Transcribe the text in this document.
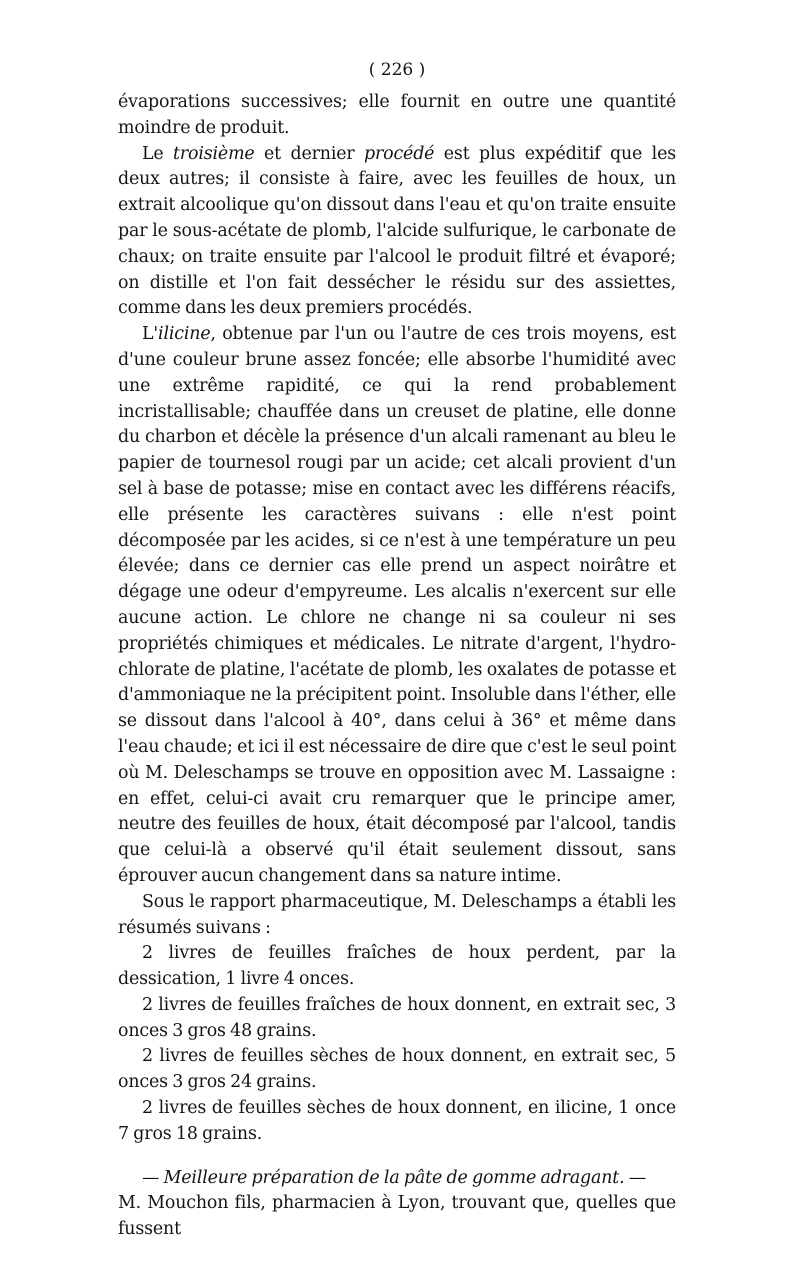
( 226 )

évaporations successives; elle fournit en outre une quantité moindre de produit.

Le troisième et dernier procédé est plus expéditif que les deux autres; il consiste à faire, avec les feuilles de houx, un extrait alcoolique qu'on dissout dans l'eau et qu'on traite ensuite par le sous-acétate de plomb, l'alcide sulfurique, le carbonate de chaux; on traite ensuite par l'alcool le produit filtré et évaporé; on distille et l'on fait dessécher le résidu sur des assiettes, comme dans les deux premiers procédés.

L'ilicine, obtenue par l'un ou l'autre de ces trois moyens, est d'une couleur brune assez foncée; elle absorbe l'humidité avec une extrême rapidité, ce qui la rend probablement incristallisable; chauffée dans un creuset de platine, elle donne du charbon et décèle la présence d'un alcali ramenant au bleu le papier de tournesol rougi par un acide; cet alcali provient d'un sel à base de potasse; mise en contact avec les différens réacifs, elle présente les caractères suivans : elle n'est point décomposée par les acides, si ce n'est à une température un peu élevée; dans ce dernier cas elle prend un aspect noirâtre et dégage une odeur d'empyreume. Les alcalis n'exercent sur elle aucune action. Le chlore ne change ni sa couleur ni ses propriétés chimiques et médicales. Le nitrate d'argent, l'hydro-chlorate de platine, l'acétate de plomb, les oxalates de potasse et d'ammoniaque ne la précipitent point. Insoluble dans l'éther, elle se dissout dans l'alcool à 40°, dans celui à 36° et même dans l'eau chaude; et ici il est nécessaire de dire que c'est le seul point où M. Deleschamps se trouve en opposition avec M. Lassaigne : en effet, celui-ci avait cru remarquer que le principe amer, neutre des feuilles de houx, était décomposé par l'alcool, tandis que celui-là a observé qu'il était seulement dissout, sans éprouver aucun changement dans sa nature intime.

Sous le rapport pharmaceutique, M. Deleschamps a établi les résumés suivans :

2 livres de feuilles fraîches de houx perdent, par la dessication, 1 livre 4 onces.

2 livres de feuilles fraîches de houx donnent, en extrait sec, 3 onces 3 gros 48 grains.

2 livres de feuilles sèches de houx donnent, en extrait sec, 5 onces 3 gros 24 grains.

2 livres de feuilles sèches de houx donnent, en ilicine, 1 once 7 gros 18 grains.

— Meilleure préparation de la pâte de gomme adragant. —

M. Mouchon fils, pharmacien à Lyon, trouvant que, quelles que fussent
